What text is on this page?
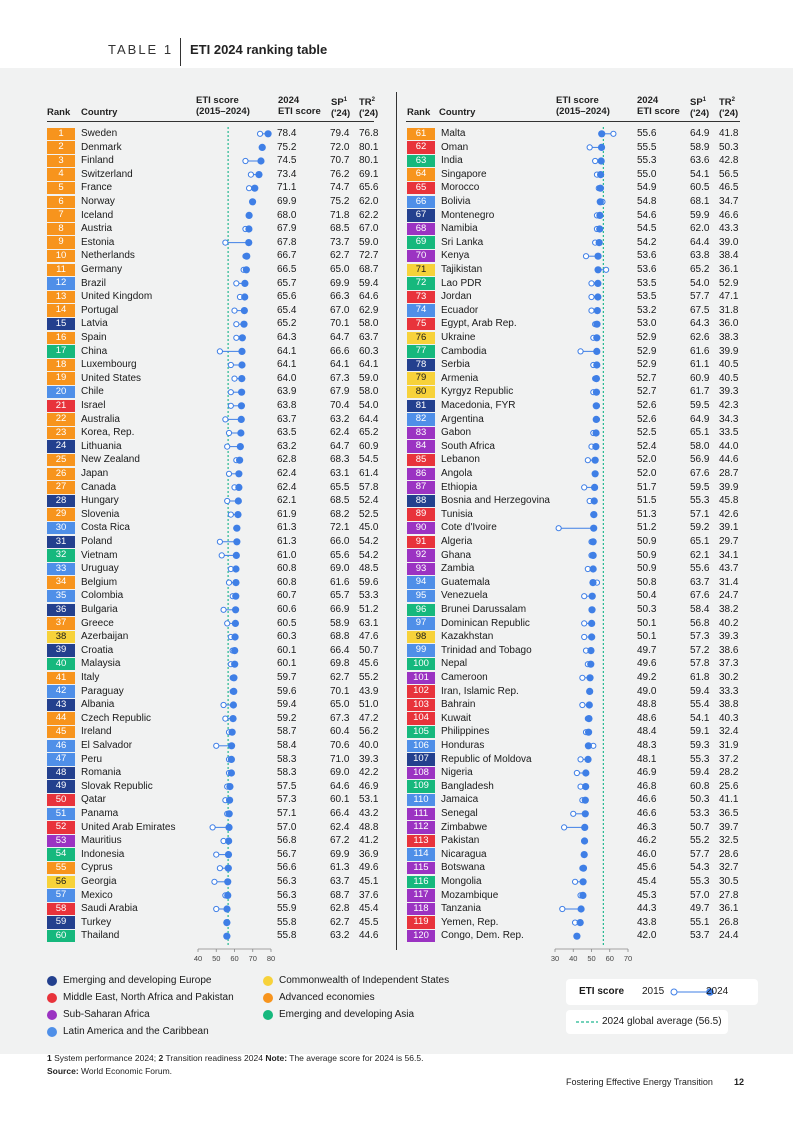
TABLE 1 ETI 2024 ranking table
Rank Country
ETI score
(2015–2024)
2024
ETI score
$SP^1$
('24)
$TR^2$
('24)	Rank Country
ETI score
(2015–2024)
2024
ETI score
$SP^1$
('24)
$TR^2$
('24)
1	Sweden	78.4	79.4 76.8
2	Denmark	75.2	72.0 80.1
3	Finland	74.5	70.7 80.1
4	Switzerland	73.4	76.2 69.1
5	France	71.1	74.7 65.6
6	Norway	69.9	75.2 62.0
7	Iceland	68.0	71.8 62.2
8	Austria	67.9	68.5 67.0
9	Estonia	67.8	73.7 59.0
10	Netherlands	66.7	62.7 72.7
11	Germany	66.5	65.0 68.7
12	Brazil	65.7	69.9 59.4
13	United Kingdom	65.6	66.3 64.6
14	Portugal	65.4	67.0 62.9
15	Latvia	65.2	70.1 58.0
16	Spain	64.3	64.7 63.7
17	China	64.1	66.6 60.3
18	Luxembourg	64.1	64.1 64.1
19	United States	64.0	67.3 59.0
20	Chile	63.9	67.9 58.0
21	Israel	63.8	70.4 54.0
22	Australia	63.7	63.2 64.4
23	Korea, Rep.	63.5	62.4 65.2
24	Lithuania	63.2	64.7 60.9
25	New Zealand	62.8	68.3 54.5
26	Japan	62.4	63.1 61.4
27	Canada	62.4	65.5 57.8
28	Hungary	62.1	68.5 52.4
29	Slovenia	61.9	68.2 52.5
30	Costa Rica	61.3	72.1 45.0
31	Poland	61.3	66.0 54.2
32	Vietnam	61.0	65.6 54.2
33	Uruguay	60.8	69.0 48.5
34	Belgium	60.8	61.6 59.6
35	Colombia	60.7	65.7 53.3
36	Bulgaria	60.6	66.9 51.2
37	Greece	60.5	58.9 63.1
38	Azerbaijan	60.3	68.8 47.6
39	Croatia	60.1	66.4 50.7
40	Malaysia	60.1	69.8 45.6
41	Italy	59.7	62.7 55.2
42	Paraguay	59.6	70.1 43.9
43	Albania	59.4	65.0 51.0
44	Czech Republic	59.2	67.3 47.2
45	Ireland	58.7	60.4 56.2
46	El Salvador	58.4	70.6 40.0
47	Peru	58.3	71.0 39.3
48	Romania	58.3	69.0 42.2
49	Slovak Republic	57.5	64.6 46.9
50	Qatar	57.3	60.1 53.1
51	Panama	57.1	66.4 43.2
52	United Arab Emirates	57.0	62.4 48.8
53	Mauritius	56.8	67.2 41.2
54	Indonesia	56.7	69.9 36.9
55	Cyprus	56.6	61.3 49.6
56	Georgia	56.3	63.7 45.1
57	Mexico	56.3	68.7 37.6
58	Saudi Arabia	55.9	62.8 45.4
59	Turkey	55.8	62.7 45.5
60	Thailand	55.8	63.2 44.6
61	Malta	55.6	64.9 41.8
62	Oman	55.5	58.9 50.3
63	India	55.3	63.6 42.8
64	Singapore	55.0	54.1 56.5
65	Morocco	54.9	60.5 46.5
66	Bolivia	54.8	68.1 34.7
67	Montenegro	54.6	59.9 46.6
68	Namibia	54.5	62.0 43.3
69	Sri Lanka	54.2	64.4 39.0
70	Kenya	53.6	63.8 38.4
71	Tajikistan	53.6	65.2 36.1
72	Lao PDR	53.5	54.0 52.9
73	Jordan	53.5	57.7 47.1
74	Ecuador	53.2	67.5 31.8
75	Egypt, Arab Rep.	53.0	64.3 36.0
76	Ukraine	52.9	62.6 38.3
77	Cambodia	52.9	61.6 39.9
78	Serbia	52.9	61.1 40.5
79	Armenia	52.7	60.9 40.5
80	Kyrgyz Republic	52.7	61.7 39.3
81	Macedonia, FYR	52.6	59.5 42.3
82	Argentina	52.6	64.9 34.3
83	Gabon	52.5	65.1 33.5
84	South Africa	52.4	58.0 44.0
85	Lebanon	52.0	56.9 44.6
86	Angola	52.0	67.6 28.7
87	Ethiopia	51.7	59.5 39.9
88	Bosnia and Herzegovina	51.5	55.3 45.8
89	Tunisia	51.3	57.1 42.6
90	Cote d'Ivoire	51.2	59.2 39.1
91	Algeria	50.9	65.1 29.7
92	Ghana	50.9	62.1 34.1
93	Zambia	50.9	55.6 43.7
94	Guatemala	50.8	63.7 31.4
95	Venezuela	50.4	67.6 24.7
96	Brunei Darussalam	50.3	58.4 38.2
97	Dominican Republic	50.1	56.8 40.2
98	Kazakhstan	50.1	57.3 39.3
99	Trinidad and Tobago	49.7	57.2 38.6
100	Nepal	49.6	57.8 37.3
101	Cameroon	49.2	61.8 30.2
102	Iran, Islamic Rep.	49.0	59.4 33.3
103	Bahrain	48.8	55.4 38.8
104	Kuwait	48.6	54.1 40.3
105	Philippines	48.4	59.1 32.4
106	Honduras	48.3	59.3 31.9
107	Republic of Moldova	48.1	55.3 37.2
108	Nigeria	46.9	59.4 28.2
109	Bangladesh	46.8	60.8 25.6
110	Jamaica	46.6	50.3 41.1
111	Senegal	46.6	53.3 36.5
112	Zimbabwe	46.3	50.7 39.7
113	Pakistan	46.2	55.2 32.5
114	Nicaragua	46.0	57.7 28.6
115	Botswana	45.6	54.3 32.7
116	Mongolia	45.4	55.3 30.5
117	Mozambique	45.3	57.0 27.8
118	Tanzania	44.3	49.7 36.1
119	Yemen, Rep.	43.8	55.1 26.8
120	Congo, Dem. Rep.	42.0	53.7 24.4
40 50 60 70 80	30 40 50 60 70
Emerging and developing Europe
Middle East, North Africa and Pakistan
Sub-Saharan Africa
Latin America and the Caribbean
Commonwealth of Independent States
Advanced economies
Emerging and developing Asia
ETI score 2015	2024
2024 global average (56.5)
1 System performance 2024; 2 Transition readiness 2024 Note: The average score for 2024 is 56.5.
Source: World Economic Forum.
Fostering Effective Energy Transition 12
